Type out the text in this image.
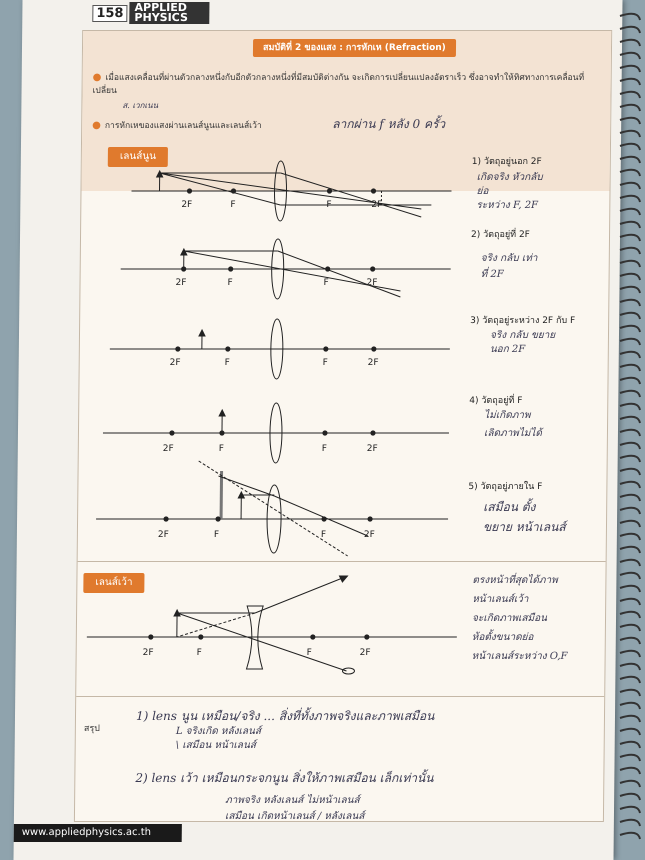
158 APPLIED PHYSICS
สมบัติที่ 2 ของแสง : การหักเห (Refraction)
● เมื่อแสงเคลื่อนที่ผ่านตัวกลางหนึ่งกับอีกตัวกลางหนึ่งที่มีสมบัติต่างกัน จะเกิดการเปลี่ยนแปลงอัตราเร็ว ซึ่งอาจทำให้ทิศทางการเคลื่อนที่เปลี่ยน
ส. เวกเนน
● การหักเหของแสงผ่านเลนส์นูนและเลนส์เว้า	ลากผ่าน f หลัง 0 ครั้ว
เลนส์นูน	1) วัตถุอยู่นอก 2F
2) วัตถุอยู่ที่ 2F
3) วัตถุอยู่ระหว่าง 2F กับ F
4) วัตถุอยู่ที่ F
5) วัตถุอยู่ภายใน F
เกิดจริง หัวกลับ
ย่อ
ระหว่าง F, 2F
จริง กลับ เท่า
ที่ 2F
จริง กลับ ขยาย
นอก 2F
ไม่เกิดภาพ
เลิดภาพไม่ได้
เสมือน ตั้ง
ขยาย หน้าเลนส์
เลนส์เว้า	ตรงหน้าที่สุดได้ภาพ
หน้าเลนส์เว้า
จะเกิดภาพเสมือน
ห้อตั้งขนาดย่อ
หน้าเลนส์ระหว่าง O,F
สรุป
1) lens นูน เหมือน/จริง ... สิ่งที่ทั้งภาพจริงและภาพเสมือน
L จริงเกิด หลังเลนส์
\ เสมือน หน้าเลนส์
2) lens เว้า เหมือนกระจกนูน สิ่งให้ภาพเสมือน เล็กเท่านั้น
ภาพจริง หลังเลนส์ ไม่หน้าเลนส์
เสมือน เกิดหน้าเลนส์ / หลังเลนส์
2F	F	F	2F
2F	F	F	2F
2F	F	F	2F
2F	F	F	2F
2F	F	F	2F
2F	F	F	2F
www.appliedphysics.ac.th
